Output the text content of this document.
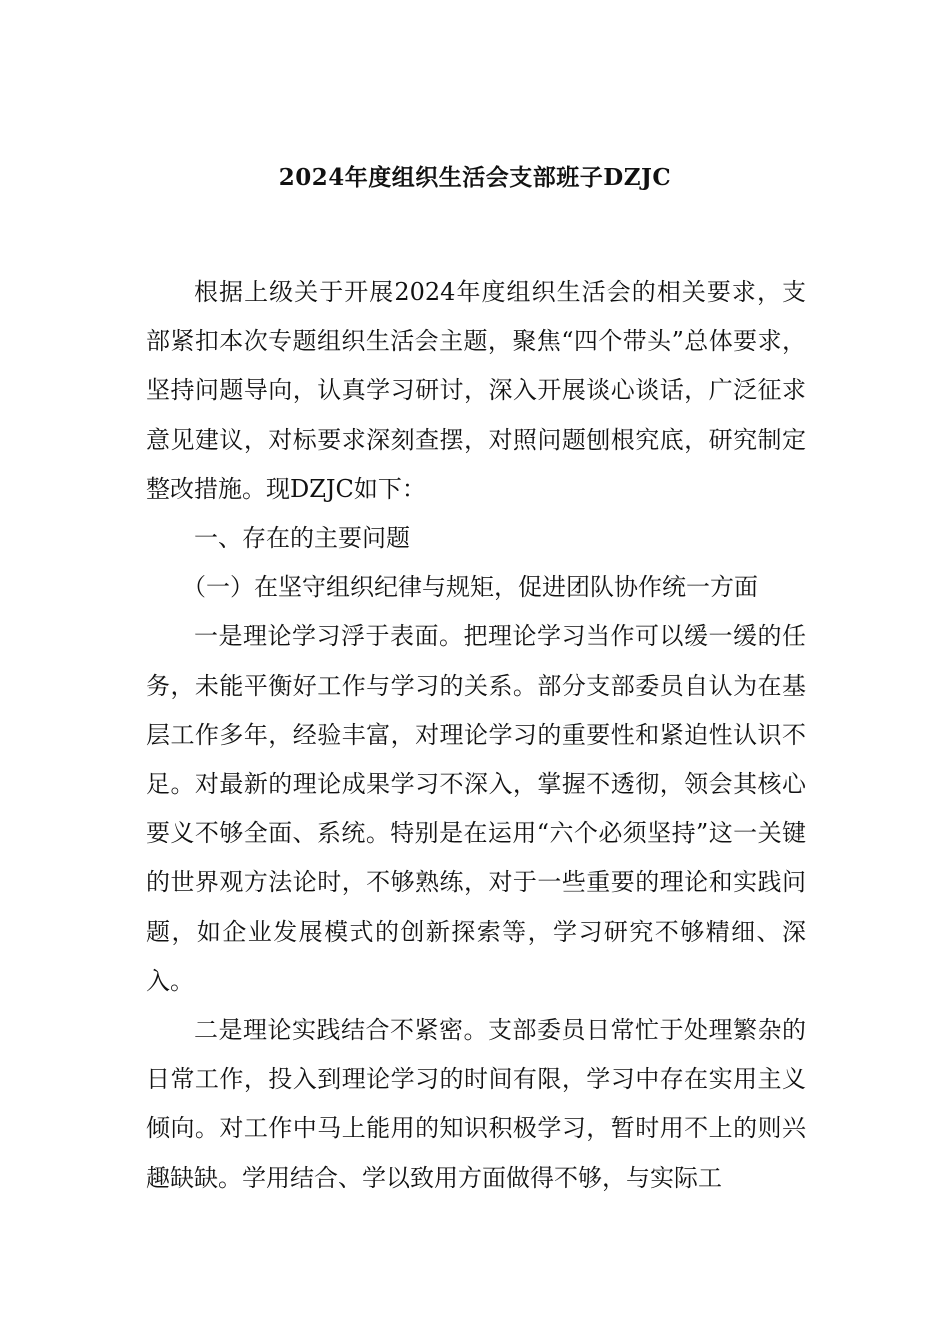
2024年度组织生活会支部班子DZJC

根据上级关于开展2024年度组织生活会的相关要求，支部紧扣本次专题组织生活会主题，聚焦“四个带头”总体要求，坚持问题导向，认真学习研讨，深入开展谈心谈话，广泛征求意见建议，对标要求深刻查摆，对照问题刨根究底，研究制定整改措施。现DZJC如下：

一、存在的主要问题

（一）在坚守组织纪律与规矩，促进团队协作统一方面

一是理论学习浮于表面。把理论学习当作可以缓一缓的任务，未能平衡好工作与学习的关系。部分支部委员自认为在基层工作多年，经验丰富，对理论学习的重要性和紧迫性认识不足。对最新的理论成果学习不深入，掌握不透彻，领会其核心要义不够全面、系统。特别是在运用“六个必须坚持”这一关键的世界观方法论时，不够熟练，对于一些重要的理论和实践问题，如企业发展模式的创新探索等，学习研究不够精细、深入。

二是理论实践结合不紧密。支部委员日常忙于处理繁杂的日常工作，投入到理论学习的时间有限，学习中存在实用主义倾向。对工作中马上能用的知识积极学习，暂时用不上的则兴趣缺缺。学用结合、学以致用方面做得不够，与实际工
